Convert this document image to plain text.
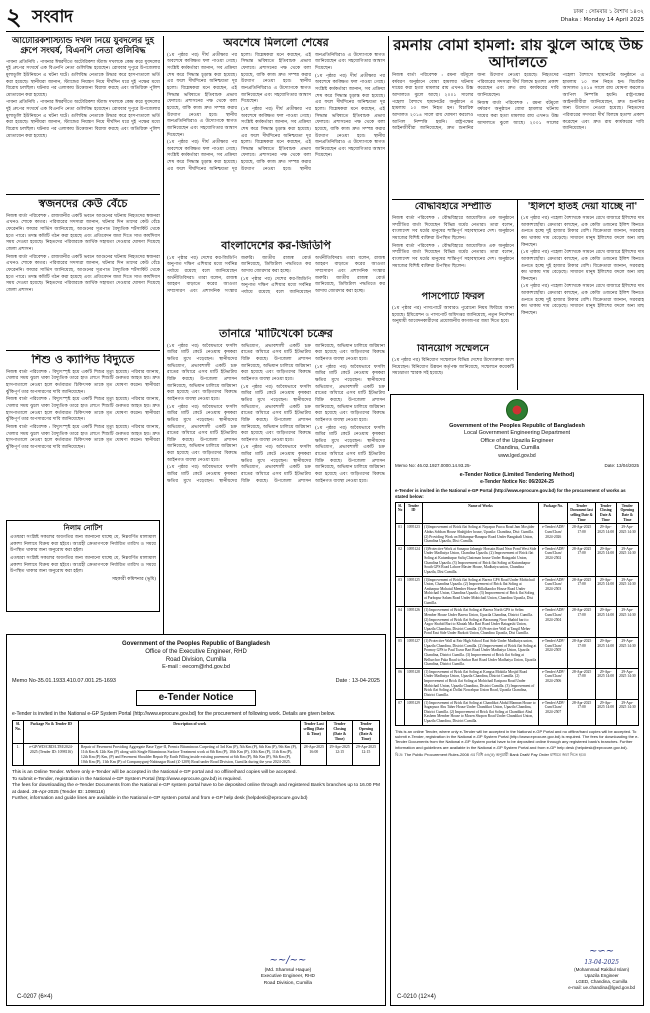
২ সংবাদ	ঢাকা : সোমবার ১ বৈশাখ ১৪৩২
Dhaka : Monday 14 April 2025
আটোরিকশাস্ট্যান্ড দখল নিয়ে যুবদলের দুই গ্রুপে সংঘর্ষ, বিএনপি নেতা গুলিবিদ্ধ

পাবনা প্রতিনিধি : পাবনার ঈশ্বরদীতে অটোরিকশা স্ট্যান্ড দখলকে কেন্দ্র করে যুবদলের দুই গ্রুপের সংঘর্ষে এক বিএনপি নেতা গুলিবিদ্ধ হয়েছেন। রোববার দুপুরে উপজেলার মুলাডুলি ইউনিয়নে এ ঘটনা ঘটে। গুলিবিদ্ধ নেতাকে উদ্ধার করে হাসপাতালে ভর্তি করা হয়েছে। স্থানীয়রা জানান, স্ট্যান্ডের নিয়ন্ত্রণ নিয়ে দীর্ঘদিন ধরে দুই পক্ষের মধ্যে বিরোধ চলছিল। ঘটনার পর এলাকায় উত্তেজনা বিরাজ করছে এবং অতিরিক্ত পুলিশ মোতায়েন করা হয়েছে।

পাবনা প্রতিনিধি : পাবনার ঈশ্বরদীতে অটোরিকশা স্ট্যান্ড দখলকে কেন্দ্র করে যুবদলের দুই গ্রুপের সংঘর্ষে এক বিএনপি নেতা গুলিবিদ্ধ হয়েছেন। রোববার দুপুরে উপজেলার মুলাডুলি ইউনিয়নে এ ঘটনা ঘটে। গুলিবিদ্ধ নেতাকে উদ্ধার করে হাসপাতালে ভর্তি করা হয়েছে। স্থানীয়রা জানান, স্ট্যান্ডের নিয়ন্ত্রণ নিয়ে দীর্ঘদিন ধরে দুই পক্ষের মধ্যে বিরোধ চলছিল। ঘটনার পর এলাকায় উত্তেজনা বিরাজ করছে এবং অতিরিক্ত পুলিশ মোতায়েন করা হয়েছে।

স্বজনদের কেউ বেঁচে

নিজস্ব বার্তা পরিবেশক : রাজধানীর একটি ভবনে আগুনের ঘটনায় নিহতদের স্বজনরা এখনও শোকে কাতর। পরিবারের সদস্যরা জানান, ঘটনার দিন তাদের কেউ বেঁচে ফেরেননি। ফায়ার সার্ভিস জানিয়েছে, আগুনের সূত্রপাত বৈদ্যুতিক শর্টসার্কিট থেকে হতে পারে। তদন্ত কমিটি গঠন করা হয়েছে এবং প্রতিবেদন জমা দিতে সাত কার্যদিবস সময় দেওয়া হয়েছে। নিহতদের পরিবারকে আর্থিক সহায়তা দেওয়ার ঘোষণা দিয়েছে জেলা প্রশাসন।

নিজস্ব বার্তা পরিবেশক : রাজধানীর একটি ভবনে আগুনের ঘটনায় নিহতদের স্বজনরা এখনও শোকে কাতর। পরিবারের সদস্যরা জানান, ঘটনার দিন তাদের কেউ বেঁচে ফেরেননি। ফায়ার সার্ভিস জানিয়েছে, আগুনের সূত্রপাত বৈদ্যুতিক শর্টসার্কিট থেকে হতে পারে। তদন্ত কমিটি গঠন করা হয়েছে এবং প্রতিবেদন জমা দিতে সাত কার্যদিবস সময় দেওয়া হয়েছে। নিহতদের পরিবারকে আর্থিক সহায়তা দেওয়ার ঘোষণা দিয়েছে জেলা প্রশাসন।

শিশু ও ক্যাপিড বিদ্যুতে

নিজস্ব বার্তা পরিবেশক : বিদ্যুৎস্পৃষ্ট হয়ে একটি শিশুর মৃত্যু হয়েছে। পরিবার জানায়, খেলার সময় ঝুলে থাকা বৈদ্যুতিক তারে হাত লেগে শিশুটি গুরুতর আহত হয়। দ্রুত হাসপাতালে নেওয়া হলে কর্তব্যরত চিকিৎসক তাকে মৃত ঘোষণা করেন। স্থানীয়রা ঝুঁকিপূর্ণ তার অপসারণের দাবি জানিয়েছেন।

নিজস্ব বার্তা পরিবেশক : বিদ্যুৎস্পৃষ্ট হয়ে একটি শিশুর মৃত্যু হয়েছে। পরিবার জানায়, খেলার সময় ঝুলে থাকা বৈদ্যুতিক তারে হাত লেগে শিশুটি গুরুতর আহত হয়। দ্রুত হাসপাতালে নেওয়া হলে কর্তব্যরত চিকিৎসক তাকে মৃত ঘোষণা করেন। স্থানীয়রা ঝুঁকিপূর্ণ তার অপসারণের দাবি জানিয়েছেন।

নিজস্ব বার্তা পরিবেশক : বিদ্যুৎস্পৃষ্ট হয়ে একটি শিশুর মৃত্যু হয়েছে। পরিবার জানায়, খেলার সময় ঝুলে থাকা বৈদ্যুতিক তারে হাত লেগে শিশুটি গুরুতর আহত হয়। দ্রুত হাসপাতালে নেওয়া হলে কর্তব্যরত চিকিৎসক তাকে মৃত ঘোষণা করেন। স্থানীয়রা ঝুঁকিপূর্ণ তার অপসারণের দাবি জানিয়েছেন।

নিলাম নোটিশ

এতদ্বারা সংশ্লিষ্ট সকলের অবগতির জন্য জানানো যাচ্ছে যে, নিম্নবর্ণিত মালামাল প্রকাশ্য নিলামে বিক্রয় করা হইবে। আগ্রহী ক্রেতাগণকে নির্ধারিত তারিখ ও সময়ে উপস্থিত থাকার জন্য অনুরোধ করা হইল।

এতদ্বারা সংশ্লিষ্ট সকলের অবগতির জন্য জানানো যাচ্ছে যে, নিম্নবর্ণিত মালামাল প্রকাশ্য নিলামে বিক্রয় করা হইবে। আগ্রহী ক্রেতাগণকে নির্ধারিত তারিখ ও সময়ে উপস্থিত থাকার জন্য অনুরোধ করা হইল।

সহকারী কমিশনার (ভূমি)

অবশেষে মিললো শেষের

(১ম পৃষ্ঠার পর) দীর্ঘ প্রতীক্ষার পর অবশেষে কাঙ্ক্ষিত ফল পাওয়া গেছে। সংশ্লিষ্ট কর্মকর্তারা জানান, সব প্রক্রিয়া শেষ করে সিদ্ধান্ত চূড়ান্ত করা হয়েছে। এর ফলে দীর্ঘদিনের অনিশ্চয়তা দূর হলো। বিশ্লেষকরা মনে করছেন, এই সিদ্ধান্ত ভবিষ্যতে ইতিবাচক প্রভাব ফেলবে। প্রশাসনের পক্ষ থেকে বলা হয়েছে, বাকি কাজ দ্রুত সম্পন্ন করার উদ্যোগ নেওয়া হবে। স্থানীয় জনপ্রতিনিধিরাও এ উদ্যোগকে স্বাগত জানিয়েছেন এবং সহযোগিতার আশ্বাস দিয়েছেন।

(১ম পৃষ্ঠার পর) দীর্ঘ প্রতীক্ষার পর অবশেষে কাঙ্ক্ষিত ফল পাওয়া গেছে। সংশ্লিষ্ট কর্মকর্তারা জানান, সব প্রক্রিয়া শেষ করে সিদ্ধান্ত চূড়ান্ত করা হয়েছে। এর ফলে দীর্ঘদিনের অনিশ্চয়তা দূর হলো। বিশ্লেষকরা মনে করছেন, এই সিদ্ধান্ত ভবিষ্যতে ইতিবাচক প্রভাব ফেলবে। প্রশাসনের পক্ষ থেকে বলা হয়েছে, বাকি কাজ দ্রুত সম্পন্ন করার উদ্যোগ নেওয়া হবে। স্থানীয় জনপ্রতিনিধিরাও এ উদ্যোগকে স্বাগত জানিয়েছেন এবং সহযোগিতার আশ্বাস দিয়েছেন।

(১ম পৃষ্ঠার পর) দীর্ঘ প্রতীক্ষার পর অবশেষে কাঙ্ক্ষিত ফল পাওয়া গেছে। সংশ্লিষ্ট কর্মকর্তারা জানান, সব প্রক্রিয়া শেষ করে সিদ্ধান্ত চূড়ান্ত করা হয়েছে। এর ফলে দীর্ঘদিনের অনিশ্চয়তা দূর হলো। বিশ্লেষকরা মনে করছেন, এই সিদ্ধান্ত ভবিষ্যতে ইতিবাচক প্রভাব ফেলবে। প্রশাসনের পক্ষ থেকে বলা হয়েছে, বাকি কাজ দ্রুত সম্পন্ন করার উদ্যোগ নেওয়া হবে। স্থানীয় জনপ্রতিনিধিরাও এ উদ্যোগকে স্বাগত জানিয়েছেন এবং সহযোগিতার আশ্বাস দিয়েছেন।

(১ম পৃষ্ঠার পর) দীর্ঘ প্রতীক্ষার পর অবশেষে কাঙ্ক্ষিত ফল পাওয়া গেছে। সংশ্লিষ্ট কর্মকর্তারা জানান, সব প্রক্রিয়া শেষ করে সিদ্ধান্ত চূড়ান্ত করা হয়েছে। এর ফলে দীর্ঘদিনের অনিশ্চয়তা দূর হলো। বিশ্লেষকরা মনে করছেন, এই সিদ্ধান্ত ভবিষ্যতে ইতিবাচক প্রভাব ফেলবে। প্রশাসনের পক্ষ থেকে বলা হয়েছে, বাকি কাজ দ্রুত সম্পন্ন করার উদ্যোগ নেওয়া হবে। স্থানীয় জনপ্রতিনিধিরাও এ উদ্যোগকে স্বাগত জানিয়েছেন এবং সহযোগিতার আশ্বাস দিয়েছেন।

বাংলাদেশের কর-জিডিপি

(১ম পৃষ্ঠার পর) দেশের কর-জিডিপি অনুপাত দক্ষিণ এশিয়ার মধ্যে সর্বনিম্ন পর্যায়ে রয়েছে বলে জানিয়েছেন অর্থনীতিবিদরা। তারা বলেন, রাজস্ব আহরণ বাড়াতে করের আওতা সম্প্রসারণ এবং প্রশাসনিক সংস্কার জরুরি। জাতীয় রাজস্ব বোর্ড জানিয়েছে, ডিজিটাল পদ্ধতিতে কর আদায় জোরদার করা হচ্ছে।

(১ম পৃষ্ঠার পর) দেশের কর-জিডিপি অনুপাত দক্ষিণ এশিয়ার মধ্যে সর্বনিম্ন পর্যায়ে রয়েছে বলে জানিয়েছেন অর্থনীতিবিদরা। তারা বলেন, রাজস্ব আহরণ বাড়াতে করের আওতা সম্প্রসারণ এবং প্রশাসনিক সংস্কার জরুরি। জাতীয় রাজস্ব বোর্ড জানিয়েছে, ডিজিটাল পদ্ধতিতে কর আদায় জোরদার করা হচ্ছে।

তানারে 'মাটিখেকো চক্রের

(১ম পৃষ্ঠার পর) অবৈধভাবে ফসলি জমির মাটি কেটে নেওয়ায় কৃষকরা ক্ষতির মুখে পড়েছেন। স্থানীয়দের অভিযোগ, প্রভাবশালী একটি চক্র রাতের আঁধারে এসব মাটি ইটভাটায় বিক্রি করছে। উপজেলা প্রশাসন জানিয়েছে, অভিযান চালিয়ে জরিমানা করা হয়েছে এবং জড়িতদের বিরুদ্ধে আইনগত ব্যবস্থা নেওয়া হবে।

(১ম পৃষ্ঠার পর) অবৈধভাবে ফসলি জমির মাটি কেটে নেওয়ায় কৃষকরা ক্ষতির মুখে পড়েছেন। স্থানীয়দের অভিযোগ, প্রভাবশালী একটি চক্র রাতের আঁধারে এসব মাটি ইটভাটায় বিক্রি করছে। উপজেলা প্রশাসন জানিয়েছে, অভিযান চালিয়ে জরিমানা করা হয়েছে এবং জড়িতদের বিরুদ্ধে আইনগত ব্যবস্থা নেওয়া হবে।

(১ম পৃষ্ঠার পর) অবৈধভাবে ফসলি জমির মাটি কেটে নেওয়ায় কৃষকরা ক্ষতির মুখে পড়েছেন। স্থানীয়দের অভিযোগ, প্রভাবশালী একটি চক্র রাতের আঁধারে এসব মাটি ইটভাটায় বিক্রি করছে। উপজেলা প্রশাসন জানিয়েছে, অভিযান চালিয়ে জরিমানা করা হয়েছে এবং জড়িতদের বিরুদ্ধে আইনগত ব্যবস্থা নেওয়া হবে।

(১ম পৃষ্ঠার পর) অবৈধভাবে ফসলি জমির মাটি কেটে নেওয়ায় কৃষকরা ক্ষতির মুখে পড়েছেন। স্থানীয়দের অভিযোগ, প্রভাবশালী একটি চক্র রাতের আঁধারে এসব মাটি ইটভাটায় বিক্রি করছে। উপজেলা প্রশাসন জানিয়েছে, অভিযান চালিয়ে জরিমানা করা হয়েছে এবং জড়িতদের বিরুদ্ধে আইনগত ব্যবস্থা নেওয়া হবে।

(১ম পৃষ্ঠার পর) অবৈধভাবে ফসলি জমির মাটি কেটে নেওয়ায় কৃষকরা ক্ষতির মুখে পড়েছেন। স্থানীয়দের অভিযোগ, প্রভাবশালী একটি চক্র রাতের আঁধারে এসব মাটি ইটভাটায় বিক্রি করছে। উপজেলা প্রশাসন জানিয়েছে, অভিযান চালিয়ে জরিমানা করা হয়েছে এবং জড়িতদের বিরুদ্ধে আইনগত ব্যবস্থা নেওয়া হবে।

(১ম পৃষ্ঠার পর) অবৈধভাবে ফসলি জমির মাটি কেটে নেওয়ায় কৃষকরা ক্ষতির মুখে পড়েছেন। স্থানীয়দের অভিযোগ, প্রভাবশালী একটি চক্র রাতের আঁধারে এসব মাটি ইটভাটায় বিক্রি করছে। উপজেলা প্রশাসন জানিয়েছে, অভিযান চালিয়ে জরিমানা করা হয়েছে এবং জড়িতদের বিরুদ্ধে আইনগত ব্যবস্থা নেওয়া হবে।

(১ম পৃষ্ঠার পর) অবৈধভাবে ফসলি জমির মাটি কেটে নেওয়ায় কৃষকরা ক্ষতির মুখে পড়েছেন। স্থানীয়দের অভিযোগ, প্রভাবশালী একটি চক্র রাতের আঁধারে এসব মাটি ইটভাটায় বিক্রি করছে। উপজেলা প্রশাসন জানিয়েছে, অভিযান চালিয়ে জরিমানা করা হয়েছে এবং জড়িতদের বিরুদ্ধে আইনগত ব্যবস্থা নেওয়া হবে।

রমনায় বোমা হামলা: রায় ঝুলে আছে উচ্চ আদালতে

নিজস্ব বার্তা পরিবেশক : রমনা বটমূলে বর্ষবরণ অনুষ্ঠানে বোমা হামলার ঘটনায় দায়ের করা হত্যা মামলার রায় এখনও উচ্চ আদালতে ঝুলে আছে। ২০০১ সালের পহেলা বৈশাখে ছায়ানটের অনুষ্ঠানে এ হামলায় ১০ জন নিহত হন। বিচারিক আদালত ২০১৪ সালে রায় ঘোষণা করলেও আপিল নিষ্পত্তি হয়নি। রাষ্ট্রপক্ষের আইনজীবীরা জানিয়েছেন, দ্রুত শুনানির জন্য উদ্যোগ নেওয়া হয়েছে। নিহতদের পরিবারের সদস্যরা দীর্ঘ বিলম্বে হতাশা প্রকাশ করেছেন এবং দ্রুত রায় কার্যকরের দাবি জানিয়েছেন।

নিজস্ব বার্তা পরিবেশক : রমনা বটমূলে বর্ষবরণ অনুষ্ঠানে বোমা হামলার ঘটনায় দায়ের করা হত্যা মামলার রায় এখনও উচ্চ আদালতে ঝুলে আছে। ২০০১ সালের পহেলা বৈশাখে ছায়ানটের অনুষ্ঠানে এ হামলায় ১০ জন নিহত হন। বিচারিক আদালত ২০১৪ সালে রায় ঘোষণা করলেও আপিল নিষ্পত্তি হয়নি। রাষ্ট্রপক্ষের আইনজীবীরা জানিয়েছেন, দ্রুত শুনানির জন্য উদ্যোগ নেওয়া হয়েছে। নিহতদের পরিবারের সদস্যরা দীর্ঘ বিলম্বে হতাশা প্রকাশ করেছেন এবং দ্রুত রায় কার্যকরের দাবি জানিয়েছেন।

বৌদ্ধবিহারে সম্প্রীতি

নিজস্ব বার্তা পরিবেশক : বৌদ্ধবিহারে আয়োজিত এক অনুষ্ঠানে সম্প্রীতির বার্তা দিয়েছেন বিভিন্ন ধর্মের নেতারা। তারা বলেন, বাংলাদেশ সব ধর্মের মানুষের শান্তিপূর্ণ সহাবস্থানের দেশ। অনুষ্ঠানে সমাজের বিশিষ্ট ব্যক্তিরা উপস্থিত ছিলেন।

নিজস্ব বার্তা পরিবেশক : বৌদ্ধবিহারে আয়োজিত এক অনুষ্ঠানে সম্প্রীতির বার্তা দিয়েছেন বিভিন্ন ধর্মের নেতারা। তারা বলেন, বাংলাদেশ সব ধর্মের মানুষের শান্তিপূর্ণ সহাবস্থানের দেশ। অনুষ্ঠানে সমাজের বিশিষ্ট ব্যক্তিরা উপস্থিত ছিলেন।

পাসপোর্টে ফিরল

(১ম পৃষ্ঠার পর) পাসপোর্টে আবারও পুরোনো নিয়ম ফিরিয়ে আনা হয়েছে। ইমিগ্রেশন ও পাসপোর্ট অধিদপ্তর জানিয়েছে, নতুন নির্দেশনা অনুযায়ী আবেদনকারীদের প্রয়োজনীয় কাগজপত্র জমা দিতে হবে।

বিনিয়োগ সম্মেলনে

(১ম পৃষ্ঠার পর) বিনিয়োগ সম্মেলনে বিভিন্ন দেশের উদ্যোক্তারা অংশ নিয়েছেন। বিনিয়োগ উন্নয়ন কর্তৃপক্ষ জানিয়েছে, সম্মেলনে কয়েকটি সমঝোতা স্মারক সই হয়েছে।

'ইলিশে হাতই দেয়া যাচ্ছে না'

(১ম পৃষ্ঠার পর) পহেলা বৈশাখকে সামনে রেখে বাজারে ইলিশের দাম আকাশছোঁয়া। ক্রেতারা বলছেন, এক কেজি ওজনের ইলিশ কিনতে গুনতে হচ্ছে দুই হাজার টাকার বেশি। বিক্রেতারা জানান, সরবরাহ কম থাকায় দাম বেড়েছে। সাধারণ মানুষ ইলিশের বদলে অন্য মাছ কিনছেন।

(১ম পৃষ্ঠার পর) পহেলা বৈশাখকে সামনে রেখে বাজারে ইলিশের দাম আকাশছোঁয়া। ক্রেতারা বলছেন, এক কেজি ওজনের ইলিশ কিনতে গুনতে হচ্ছে দুই হাজার টাকার বেশি। বিক্রেতারা জানান, সরবরাহ কম থাকায় দাম বেড়েছে। সাধারণ মানুষ ইলিশের বদলে অন্য মাছ কিনছেন।

(১ম পৃষ্ঠার পর) পহেলা বৈশাখকে সামনে রেখে বাজারে ইলিশের দাম আকাশছোঁয়া। ক্রেতারা বলছেন, এক কেজি ওজনের ইলিশ কিনতে গুনতে হচ্ছে দুই হাজার টাকার বেশি। বিক্রেতারা জানান, সরবরাহ কম থাকায় দাম বেড়েছে। সাধারণ মানুষ ইলিশের বদলে অন্য মাছ কিনছেন।

Government of the Peoples Republic of Bangladesh
Office of the Executive Engineer, RHD
Road Division, Cumilla
E-mail : eecom@rhd.gov.bd
Memo No-35.01.1933.410.07.001.25-1693	Date : 13-04-2025
e-Tender Notice
e-Tender is invited in the National e-GP System Portal (http://www.eprocure.gov.bd) for the procurement of following work. Details are given below.
Sl. No.	Package No & Tender ID	Description of work	Tender Last selling (Date & Time)	Tender Closing (Date & Time)	Tender Opening (Date & Time)
1.	e-GP/WD/CRD/LTM/2024-2025 (Tender ID: 1098116)	Repair of Pavement Providing Aggregate Base Type-II, Premix Bituminous Carpeting of 3rd Km (P), 5th Km (P), 6th Km (P), 9th Km (P), 11th Km & 12th Km (P) along with Single Bituminous Surface Treatment work at 8th Km (P), 10th Km (P), 10th Km (P), 11th Km (P), 12th Km (P) Km, (P) and Pavement Shoulder Repair By Earth Filling inside existing pavement at 6th Km (P), 8th Km (P), 9th Km (P), 10th Km (P), 11th Km (P) of Companyganj-Nabinagar Road (Z-1209) Road under Road Division, Cumilla during the year 2024-2025.	28-Apr-2025 16:00	29-Apr-2025 12:15	29-Apr-2025 12:15

This is an Online Tender. Where only e-Tender will be accepted in the National e-GP portal and no offline/hard copies will be accepted.

To submit e-Tender, registration in the National e-GP System Portal (http://www.eprocure.gov.bd) is required.

The fees for downloading the e-Tender Documents from the National e-GP system portal have to be deposited online through and registered Bank's branches up to 16.00 PM at dated. 28-Apr-2025 (Tender ID: 1098116)

Further, information and guide lines are available in the National e-GP system portal and from e-GP help desk (helpdesk@eprocure.gov.bd)

~~/~~
(Md. Shamsul Haque)
Executive Engineer, RHD
Road Division, Cumilla
C-0207 (6×4)
Government of the Peoples Republic of Bangladesh
Local Government Engineering Department
Office of the Upazila Engineer
Chandina, Cumilla
www.lged.gov.bd
Memo No: 46.02.1927.0000.14.93.25-	Date: 13/04/2025
e-Tender Notice (Limited Tendering Method)
e-Tender Notice No: 06/2024-25
e-Tender is invited in the National e-GP Portal (http://www.eprocure.gov.bd) for the procurement of works as stated below:
Sl. No	Tender ID	Name of Works	Package No.	Tender Document last selling Date & Time	Tender Closing Date & Time	Tender Opening Date & Time
01	1095123	(1)Improvement of Brick flat Soling at Nayapur Pucca Road Jam Mosjider Abdus Sobhan House Shahjjider house, Upazila: Chandina, Dist: Cumilla. (2) Providing Work on Mohanpur-Banapur Road Under Bangabali Union, Chandina Upazila, Dist: Cumilla.	e-Tender/ADP/ Cum/Chan/ 2024-2026	28-Apr-2025 17:00	29-Apr-2025 14:00	29-Apr-2025 14:30
02	1095124	(1)Protective Work at Sonapur Jahangir Hossain Road Near Pond West Side Under Madhaiya Union, Chandina Upazila. (2) Improvement of Brick flat Soling at Kutumbapur Safiq Chairman house Under Batagashi Union, Chandina Upazila. (3) Improvement of Brick flat Soling at Kutumbapur South GPS Road Lahore Master House, Madhaiya union, Chandina Upazila, Dist Cumilla.	e-Tender/ADP/ Cum/Chan/ 2024-2502	28-Apr-2025 17:00	29-Apr-2025 14:00	29-Apr-2025 14:30
03	1095125	(1)Improvement of Brick flat Soling at Barera GPS Road Under Mohichail Union, Chandina Upazila. (2) Improvement of Brick flat Soling at Ambarpur Mohatul Member House-Billalkandor House Road Under Mohichail Union, Chandina Upazila. (3) Improvement of Brick flat Soling at Purbopur Salam Road Under Mohichail Union, Chandina Upazila, Dist Cumilla.	e-Tender/ADP/ Cum/Chan/ 2024-2503	28-Apr-2025 17:00	29-Apr-2025 14:00	29-Apr-2025 14:30
04	1095126	(1) Improvement of Brick flat Soling at Barera North GPS to Selim Member House Under Barera Union, Upazila Chandina, District Cumilla. (2) Improvement of Brick flat Soling at Baraarang Noor Shahid bari to Azgor Shahid Bari to Khatak Mia Bari Road Under Batagashi Union, Upazila Chandina, District Cumilla. (3) Protective Wall at Tangil Meher Pond East Side Under Barkoit Union, Chandina Upazila, Dist Cumilla.	e-Tender/ADP/ Cum/Chan/ 2024-2504	28-Apr-2025 17:00	29-Apr-2025 14:00	29-Apr-2025 14:30
05	1095127	(1) Protective Wall at Fatr High School East Side Under Madhaiya union, Upazila Chandina, District Cumilla. (2) Improvement of Brick flat Soling at Promoy GPS to Paul Tozur Bari Road Under Madhaiya Union, Upazila Chandina, District Cumilla. (3) Improvement of Brick flat Soling at Bellurchor Paka Road to Sarkar Bari Road Under Madhaiya Union, Upazila Chandina, District Cumilla.	e-Tender/ADP/ Cum/Chan/ 2024-2505	28-Apr-2025 17:00	29-Apr-2025 14:00	29-Apr-2025 14:30
06	1095128	(1) Improvement of Brick flat Soling at Kongsa Moktila Mosjid Road Under Madhaiya Union, Upazila Chandina, District Cumilla. (2) Improvement of Brick flat Soling at Mohichail Eastpara Road Under Mohichail Union, Upazila Chandina, District Cumilla. (3) Improvement of Brick flat Soling at Dollai Nowabpur Union Road, Upazila Chandina, District Cumilla.	e-Tender/ADP/ Cum/Chan/ 2024-2506	28-Apr-2025 17:00	29-Apr-2025 14:00	29-Apr-2025 14:30
07	1095129	(1) Improvement of Brick flat Soling at Chandikot Abdul Mannan House to Sagarpura Abu Taher House Under Chandikot Union, Upazila Chandina, District Cumilla. (2) Improvement of Brick flat Soling at Chandikot Abul Kashem Member House to Mosen Shopon Road Under Chandikot Union, Upazila Chandina, District Cumilla.	e-Tender/ADP/ Cum/Chan/ 2024-2507	28-Apr-2025 17:00	29-Apr-2025 14:00	29-Apr-2025 14:30

This is an online Tender, where only e-Tender will be accepted in the National e-GP Portal and no offline/hard copies will be accepted. To submit e-Tender, registration in the National e-GP System Portal (http://www.eprocure.gov.bd) is required. The fees for downloading the e-Tender Documents from the National e-GP System portal have to be deposited online through any registered bank's branches. Further information and guidelines are available in the National e-GP System Portal and from e-GP help desk (helpdesk@eprocure.gov.bd).

বি:দ্র: The Public Procurement Rules-2008 এর বিধি ৬৪(৫) অনুযায়ী Bank Draft/ Pay Order মাধ্যমে জমা দিতে হবে।

~∽~
13-04-2025
(Mohammad Rakibul Islam)
Upazila Engineer
LGED, Chandina, Cumilla
e-mail: ue.chandina@lged.gov.bd
C-0210 (12×4)
